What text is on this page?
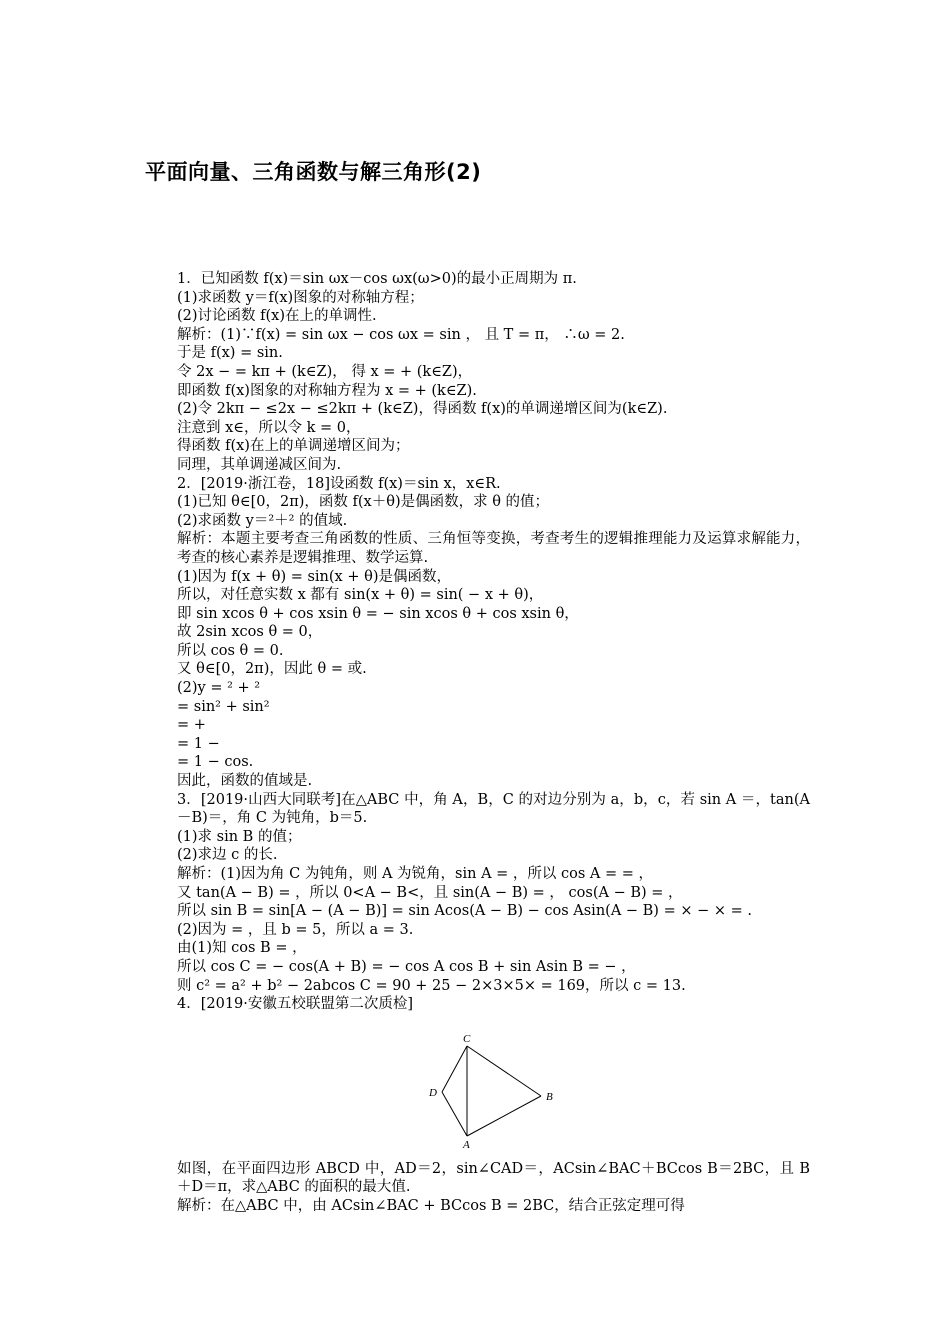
平面向量、三角函数与解三角形(2)
1．已知函数 f(x)＝sin ωx－cos ωx(ω>0)的最小正周期为 π.
(1)求函数 y＝f(x)图象的对称轴方程；
(2)讨论函数 f(x)在上的单调性.
解析：(1)∵f(x) = sin ωx − cos ωx = sin ， 且 T = π， ∴ω = 2.
于是 f(x) = sin.
令 2x − = kπ + (k∈Z)， 得 x = + (k∈Z)，
即函数 f(x)图象的对称轴方程为 x = + (k∈Z).
(2)令 2kπ − ≤2x − ≤2kπ + (k∈Z)，得函数 f(x)的单调递增区间为(k∈Z).
注意到 x∈，所以令 k = 0，
得函数 f(x)在上的单调递增区间为；
同理，其单调递减区间为.
2．[2019·浙江卷，18]设函数 f(x)＝sin x，x∈R.
(1)已知 θ∈[0，2π)，函数 f(x＋θ)是偶函数，求 θ 的值；
(2)求函数 y＝²＋² 的值域.
解析：本题主要考查三角函数的性质、三角恒等变换，考查考生的逻辑推理能力及运算求解能力，考查的核心素养是逻辑推理、数学运算.
(1)因为 f(x + θ) = sin(x + θ)是偶函数，
所以，对任意实数 x 都有 sin(x + θ) = sin( − x + θ)，
即 sin xcos θ + cos xsin θ = − sin xcos θ + cos xsin θ，
故 2sin xcos θ = 0，
所以 cos θ = 0.
又 θ∈[0，2π)，因此 θ = 或.
(2)y = ² + ²
= sin² + sin²
= +
= 1 −
= 1 − cos.
因此，函数的值域是.
3．[2019·山西大同联考]在△ABC 中，角 A，B，C 的对边分别为 a，b，c，若 sin A ＝，tan(A－B)＝，角 C 为钝角，b＝5.
(1)求 sin B 的值；
(2)求边 c 的长.
解析：(1)因为角 C 为钝角，则 A 为锐角，sin A = ，所以 cos A = = ，
又 tan(A − B) = ，所以 0<A − B<，且 sin(A − B) = ， cos(A − B) = ，
所以 sin B = sin[A − (A − B)] = sin Acos(A − B) − cos Asin(A − B) = × − × = .
(2)因为 = ，且 b = 5，所以 a = 3.
由(1)知 cos B = ，
所以 cos C = − cos(A + B) = − cos A cos B + sin Asin B = − ，
则 c² = a² + b² − 2abcos C = 90 + 25 − 2×3×5× = 169，所以 c = 13.
4．[2019·安徽五校联盟第二次质检]
C
D	B
A
如图，在平面四边形 ABCD 中，AD＝2，sin∠CAD＝，ACsin∠BAC＋BCcos B＝2BC，且 B＋D＝π，求△ABC 的面积的最大值.
解析：在△ABC 中，由 ACsin∠BAC + BCcos B = 2BC，结合正弦定理可得
